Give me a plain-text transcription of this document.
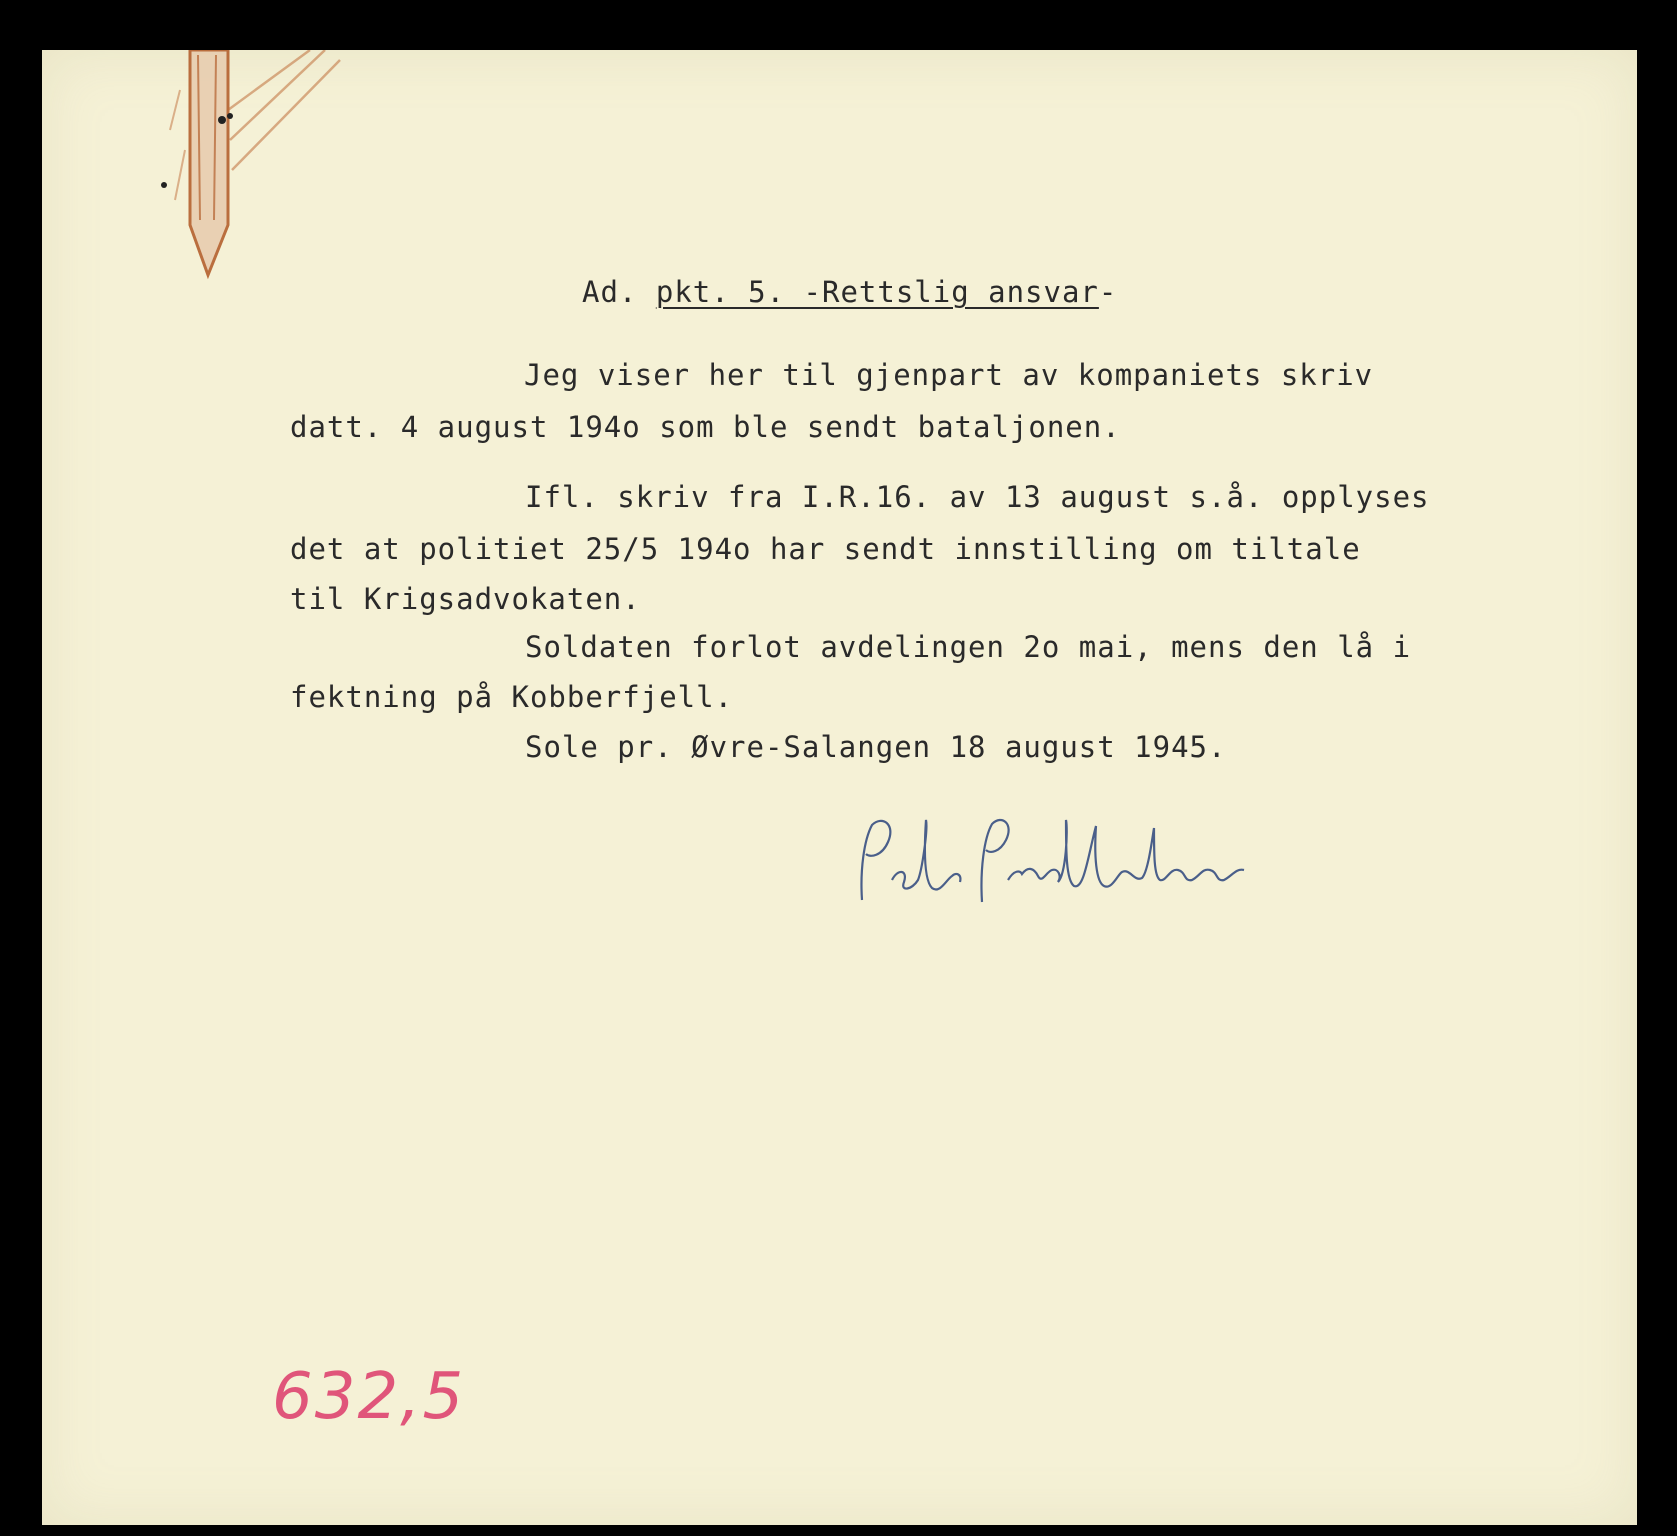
Ad. pkt. 5. -Rettslig ansvar-
Jeg viser her til gjenpart av kompaniets skriv
datt. 4 august 194o som ble sendt bataljonen.
Ifl. skriv fra I.R.16. av 13 august s.å. opplyses
det at politiet 25/5 194o har sendt innstilling om tiltale
til Krigsadvokaten.
Soldaten forlot avdelingen 2o mai, mens den lå i
fektning på Kobberfjell.
Sole pr. Øvre-Salangen 18 august 1945.
632,5
